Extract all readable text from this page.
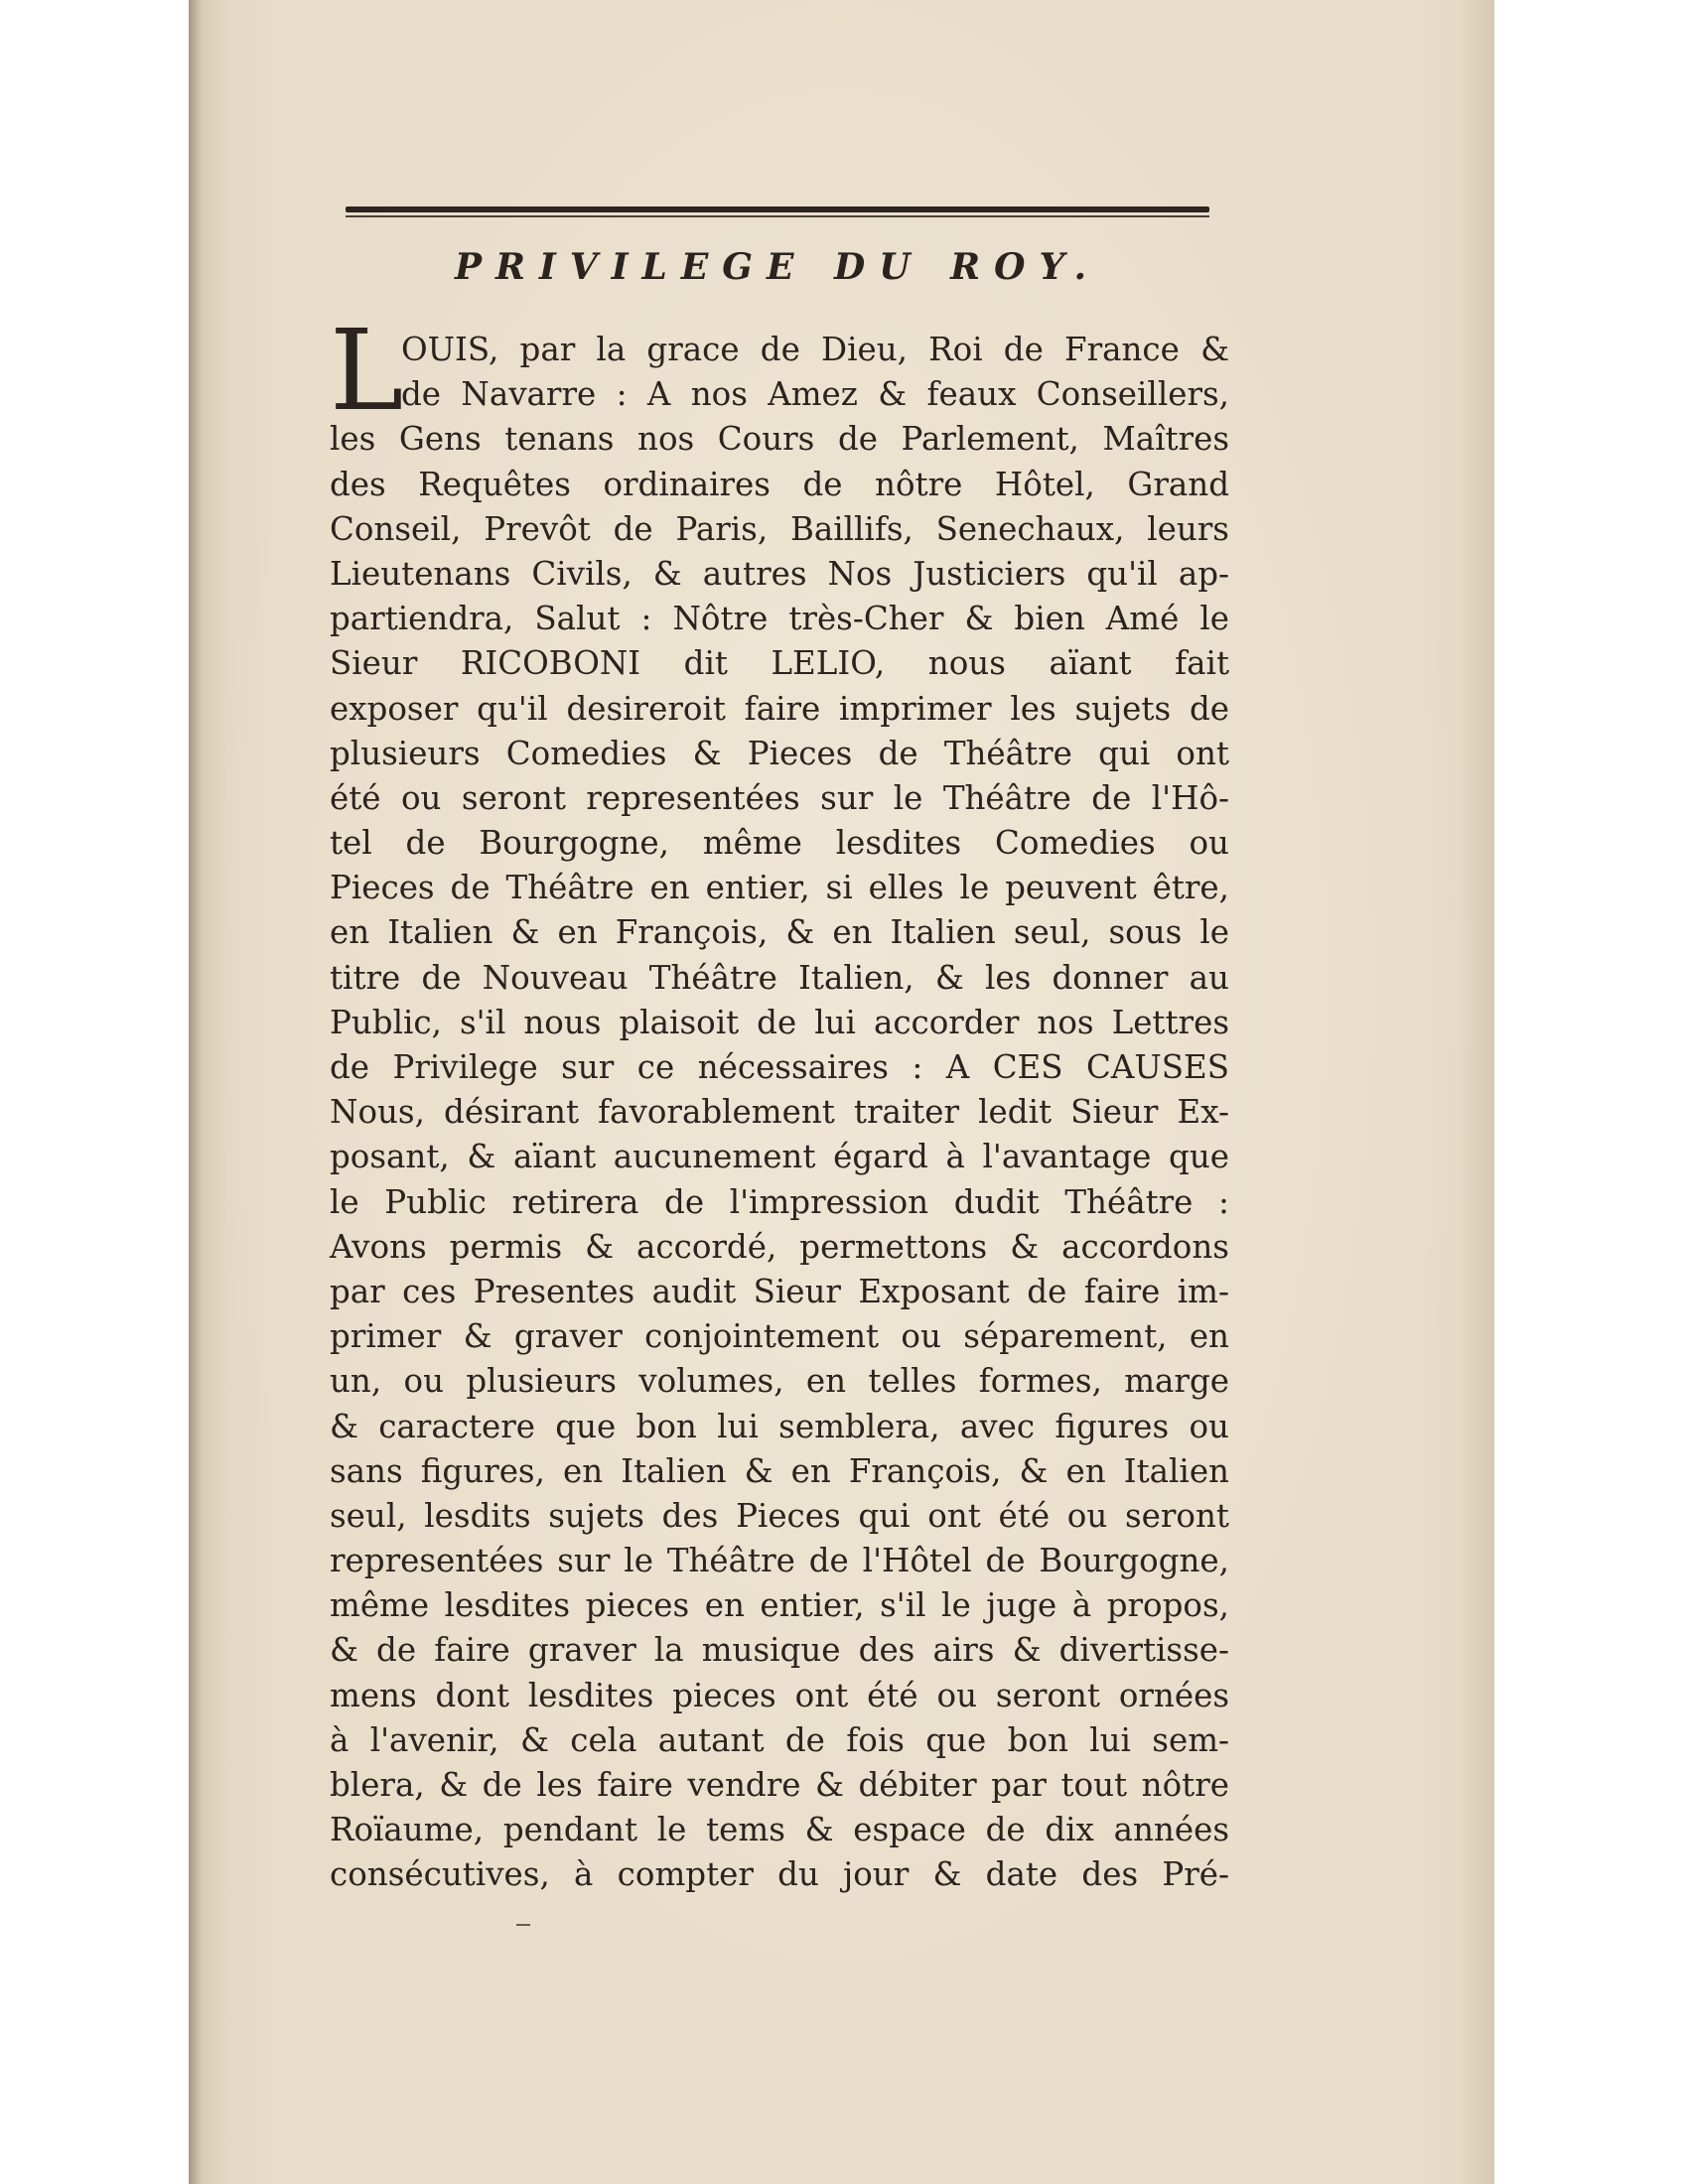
PRIVILEGE DU ROY.
L
OUIS, par la grace de Dieu, Roi de France &
de Navarre : A nos Amez & feaux Conseillers,
les Gens tenans nos Cours de Parlement, Maîtres
des Requêtes ordinaires de nôtre Hôtel, Grand
Conseil, Prevôt de Paris, Baillifs, Senechaux, leurs
Lieutenans Civils, & autres Nos Justiciers qu'il ap-
partiendra, Salut : Nôtre très-Cher & bien Amé le
Sieur RICOBONI dit LELIO, nous aïant fait
exposer qu'il desireroit faire imprimer les sujets de
plusieurs Comedies & Pieces de Théâtre qui ont
été ou seront representées sur le Théâtre de l'Hô-
tel de Bourgogne, même lesdites Comedies ou
Pieces de Théâtre en entier, si elles le peuvent être,
en Italien & en François, & en Italien seul, sous le
titre de Nouveau Théâtre Italien, & les donner au
Public, s'il nous plaisoit de lui accorder nos Lettres
de Privilege sur ce nécessaires : A CES CAUSES
Nous, désirant favorablement traiter ledit Sieur Ex-
posant, & aïant aucunement égard à l'avantage que
le Public retirera de l'impression dudit Théâtre :
Avons permis & accordé, permettons & accordons
par ces Presentes audit Sieur Exposant de faire im-
primer & graver conjointement ou séparement, en
un, ou plusieurs volumes, en telles formes, marge
& caractere que bon lui semblera, avec figures ou
sans figures, en Italien & en François, & en Italien
seul, lesdits sujets des Pieces qui ont été ou seront
representées sur le Théâtre de l'Hôtel de Bourgogne,
même lesdites pieces en entier, s'il le juge à propos,
& de faire graver la musique des airs & divertisse-
mens dont lesdites pieces ont été ou seront ornées
à l'avenir, & cela autant de fois que bon lui sem-
blera, & de les faire vendre & débiter par tout nôtre
Roïaume, pendant le tems & espace de dix années
consécutives, à compter du jour & date des Pré-
